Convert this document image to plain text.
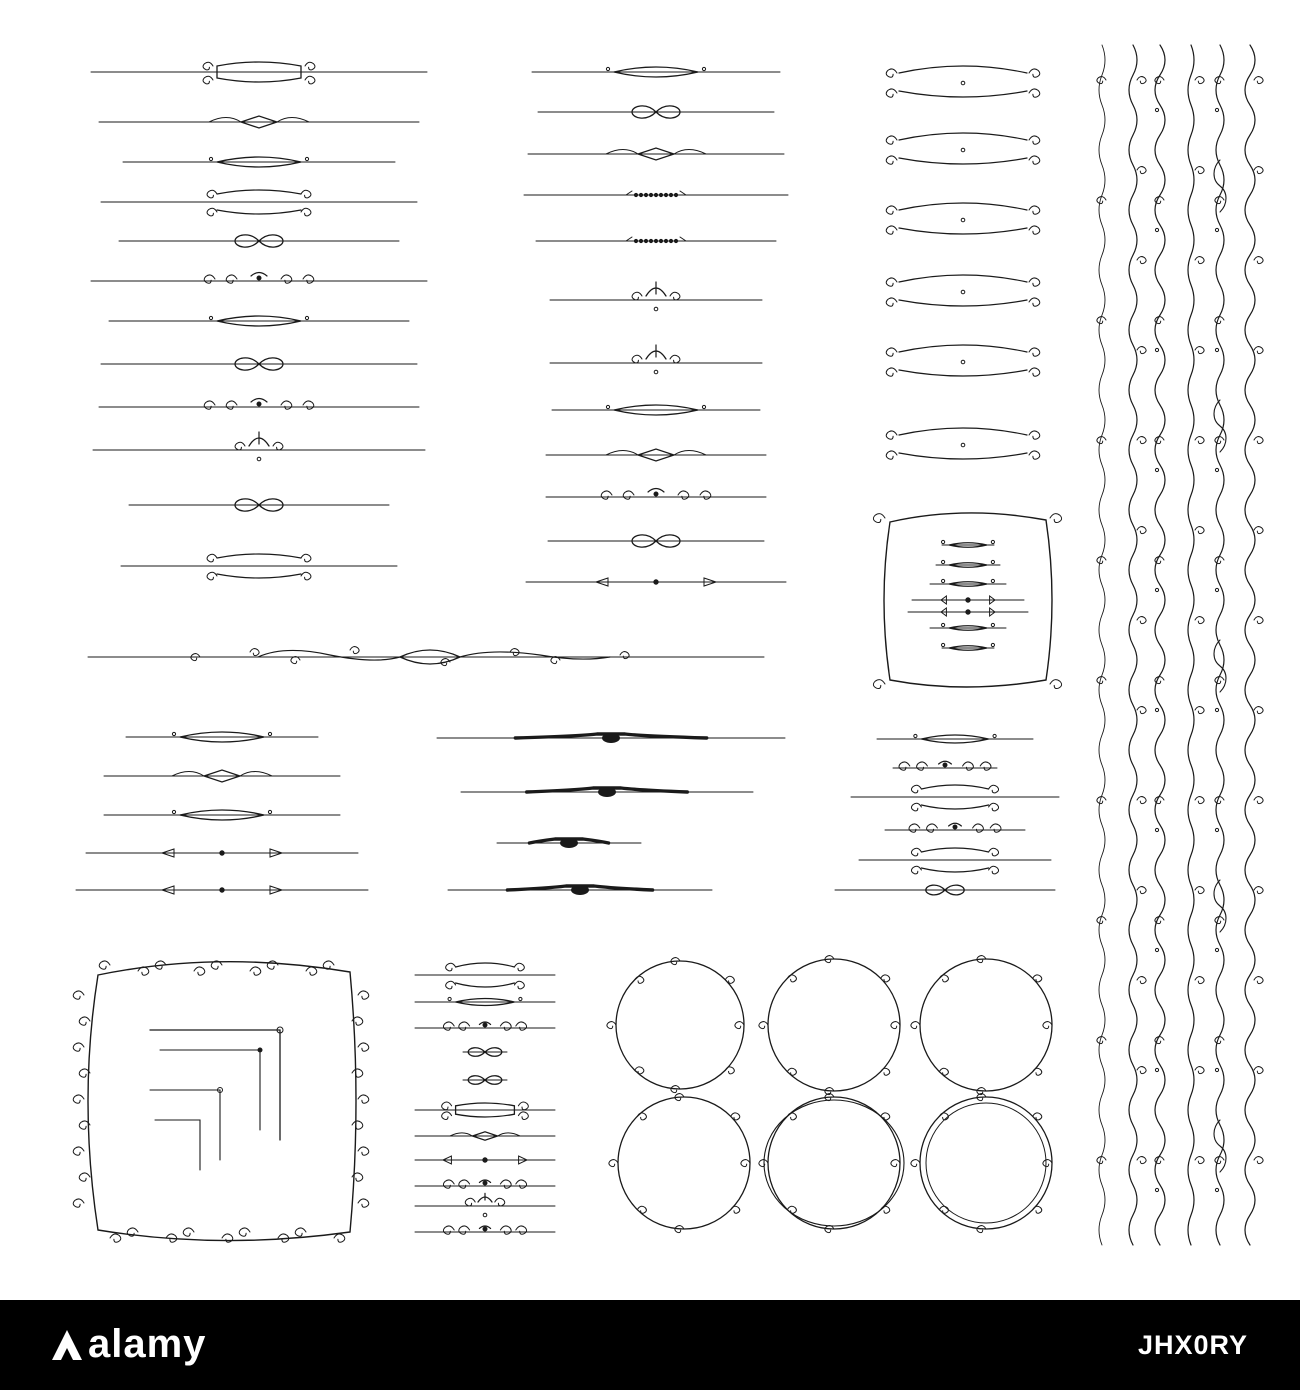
alamy	JHX0RY
